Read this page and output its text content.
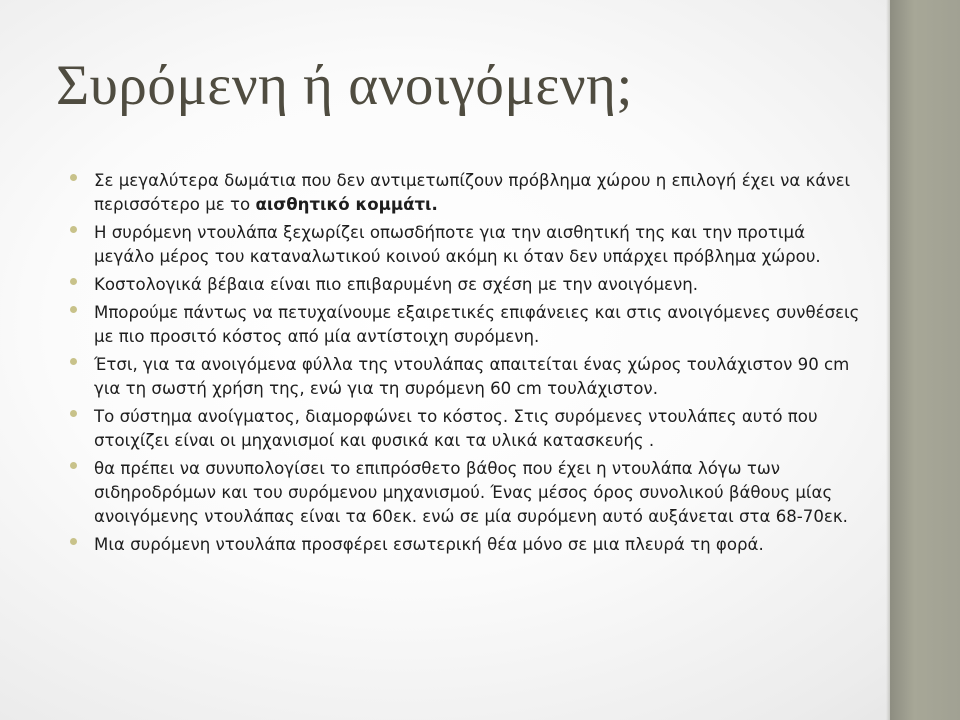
Συρόμενη ή ανοιγόμενη;
Σε μεγαλύτερα δωμάτια που δεν αντιμετωπίζουν πρόβλημα χώρου η επιλογή έχει να κάνει περισσότερο με το αισθητικό κομμάτι.
Η συρόμενη ντουλάπα ξεχωρίζει οπωσδήποτε για την αισθητική της και την προτιμά μεγάλο μέρος του καταναλωτικού κοινού ακόμη κι όταν δεν υπάρχει πρόβλημα χώρου.
Κοστολογικά βέβαια είναι πιο επιβαρυμένη σε σχέση με την ανοιγόμενη.
Μπορούμε πάντως να πετυχαίνουμε εξαιρετικές επιφάνειες και στις ανοιγόμενες συνθέσεις με πιο προσιτό κόστος από μία αντίστοιχη συρόμενη.
Έτσι, για τα ανοιγόμενα φύλλα της ντουλάπας απαιτείται ένας χώρος τουλάχιστον 90 cm για τη σωστή χρήση της, ενώ για τη συρόμενη 60 cm τουλάχιστον.
Το σύστημα ανοίγματος, διαμορφώνει το κόστος. Στις συρόμενες ντουλάπες αυτό που στοιχίζει είναι οι μηχανισμοί και φυσικά και τα υλικά κατασκευής .
θα πρέπει να συνυπολογίσει το επιπρόσθετο βάθος που έχει η ντουλάπα λόγω των σιδηροδρόμων και του συρόμενου μηχανισμού. Ένας μέσος όρος συνολικού βάθους μίας ανοιγόμενης ντουλάπας είναι τα 60εκ. ενώ σε μία συρόμενη αυτό αυξάνεται στα 68-70εκ.
Μια συρόμενη ντουλάπα προσφέρει εσωτερική θέα μόνο σε μια πλευρά τη φορά.
